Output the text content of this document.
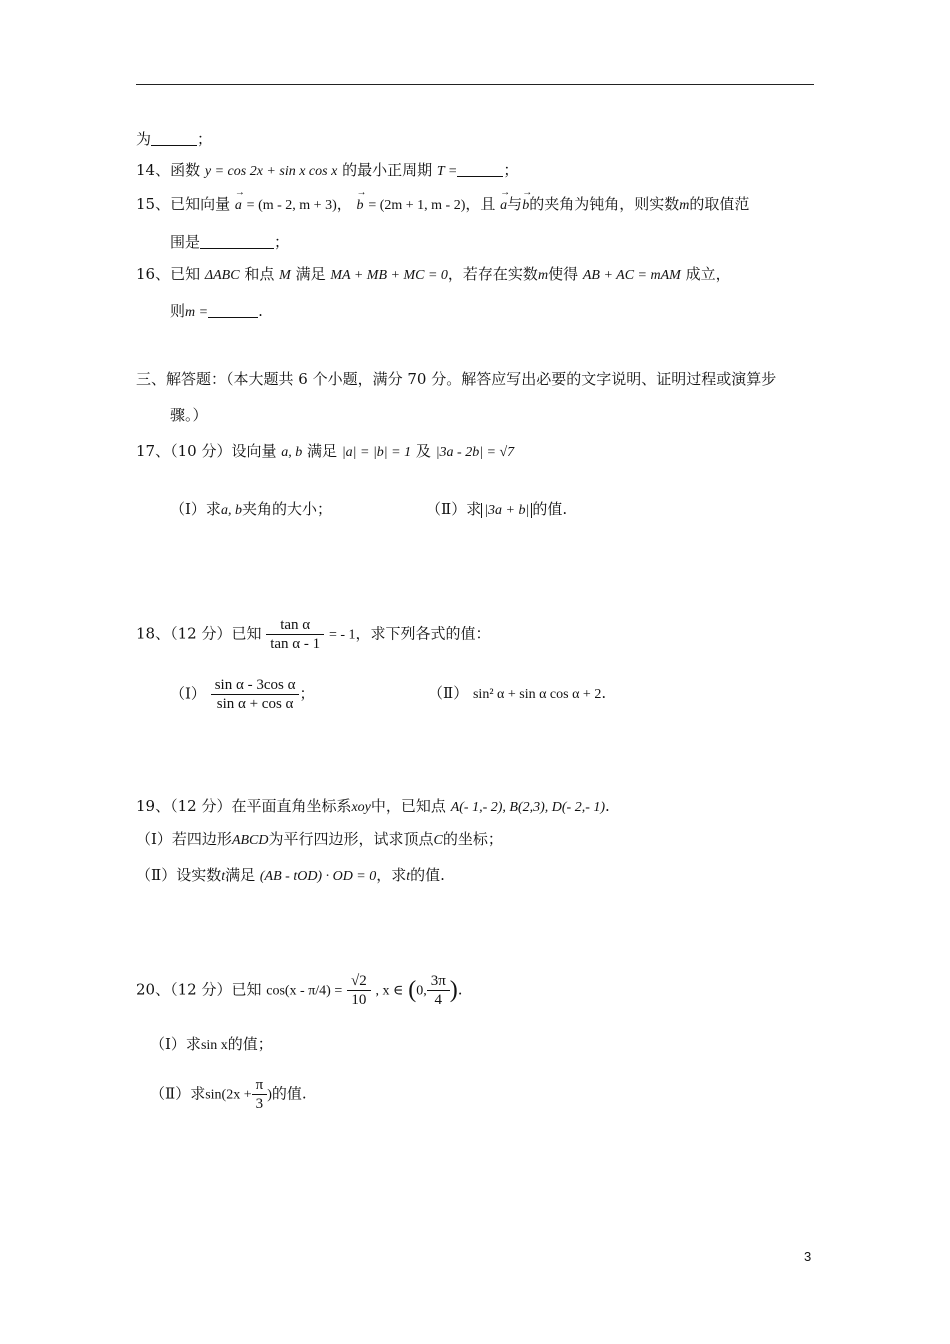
为	；
14、函数 y = cos 2x + sin x cos x 的最小正周期 T =	；
15、已知向量 → a = (m - 2, m + 3)， → b = (2m + 1, m - 2)，且 → a与→ b的夹角为钝角，则实数m的取值范
围是	；
16、已知 ΔABC 和点 M 满足 MA + MB + MC = 0，若存在实数m使得 AB + AC = mAM 成立，
则m =	.
三、解答题：（本大题共 6 个小题，满分 70 分。解答应写出必要的文字说明、证明过程或演算步
骤。）
17、（10 分）设向量 a, b 满足 |a| = |b| = 1 及 |3a - 2b| = √7
（Ⅰ）求a, b夹角的大小；	（Ⅱ）求 |3a + b| 的值.
18、（12 分）已知 $\frac{\text{tan α}}{\text{tan α - 1}}$ = - 1，求下列各式的值：
（Ⅰ） $\frac{\text{sin α - 3cos α}}{\text{sin α + cos α}}$ ；	（Ⅱ） sin² α + sin α cos α + 2.
19、（12 分）在平面直角坐标系xoy中，已知点 A(- 1,- 2), B(2,3), D(- 2,- 1).
（Ⅰ）若四边形ABCD为平行四边形，试求顶点C的坐标；
（Ⅱ）设实数t满足 (AB - tOD) · OD = 0，求t的值.
20、（12 分）已知 $\cos(x - \pi/4) = \frac{√2}{10}$ , x ∈ (0, $\frac{3\pi}{4}$ ).
（Ⅰ）求sin x的值；
（Ⅱ）求$\sin(2x + \frac{\pi}{3}$ )的值.
3
